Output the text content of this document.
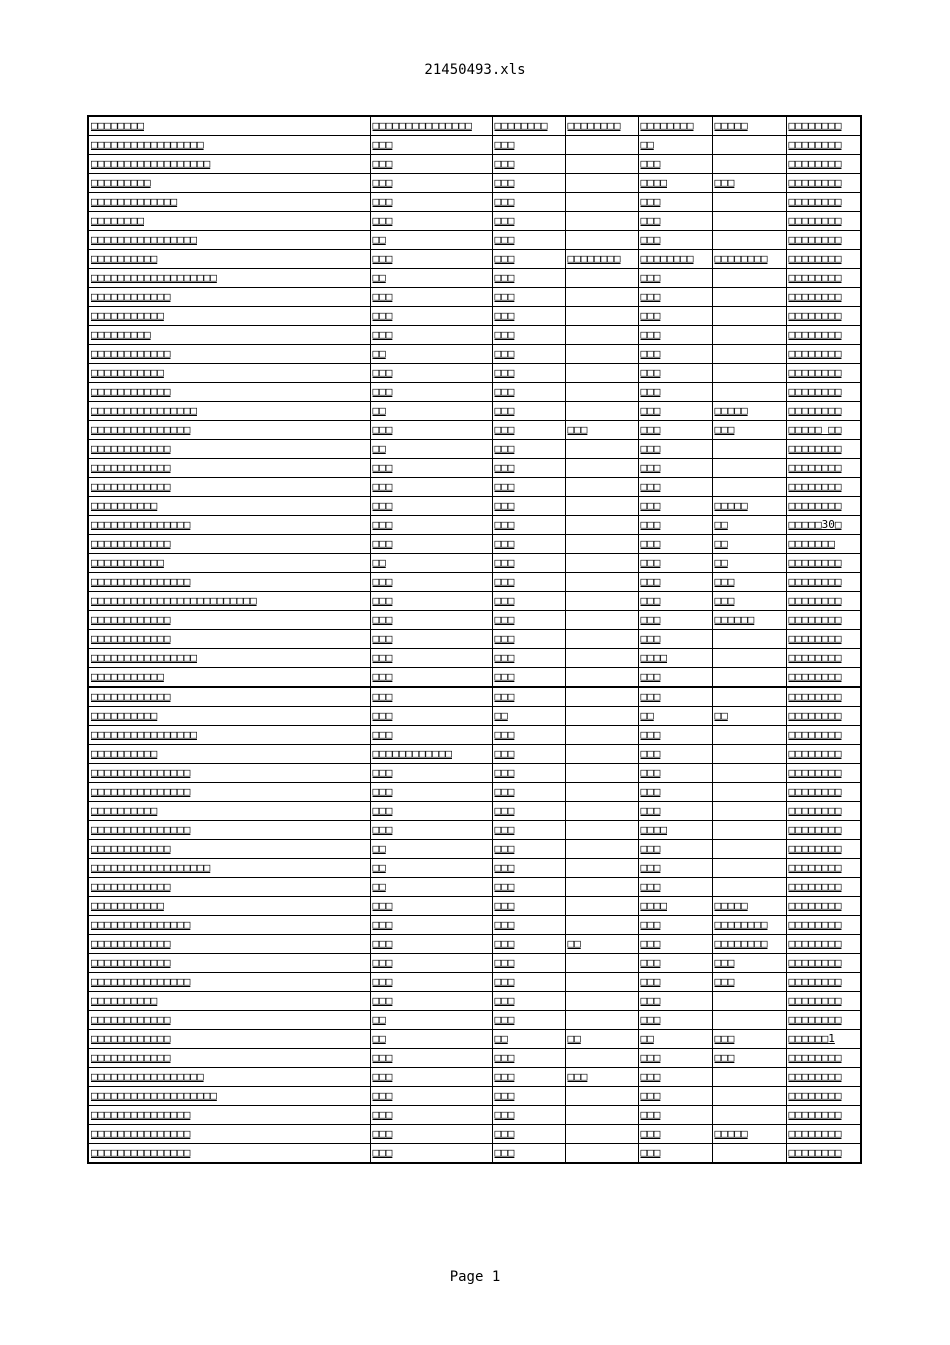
21450493.xls
□□□□□□□□	□□□□□□□□□□□□□□□	□□□□□□□□	□□□□□□□□	□□□□□□□□	□□□□□	□□□□□□□□
□□□□□□□□□□□□□□□□□	□□□	□□□		□□		□□□□□□□□
□□□□□□□□□□□□□□□□□□	□□□	□□□		□□□		□□□□□□□□
□□□□□□□□□	□□□	□□□		□□□□	□□□	□□□□□□□□
□□□□□□□□□□□□□	□□□	□□□		□□□		□□□□□□□□
□□□□□□□□	□□□	□□□		□□□		□□□□□□□□
□□□□□□□□□□□□□□□□	□□	□□□		□□□		□□□□□□□□
□□□□□□□□□□	□□□	□□□	□□□□□□□□	□□□□□□□□	□□□□□□□□	□□□□□□□□
□□□□□□□□□□□□□□□□□□□	□□	□□□		□□□		□□□□□□□□
□□□□□□□□□□□□	□□□	□□□		□□□		□□□□□□□□
□□□□□□□□□□□	□□□	□□□		□□□		□□□□□□□□
□□□□□□□□□	□□□	□□□		□□□		□□□□□□□□
□□□□□□□□□□□□	□□	□□□		□□□		□□□□□□□□
□□□□□□□□□□□	□□□	□□□		□□□		□□□□□□□□
□□□□□□□□□□□□	□□□	□□□		□□□		□□□□□□□□
□□□□□□□□□□□□□□□□	□□	□□□		□□□	□□□□□	□□□□□□□□
□□□□□□□□□□□□□□□	□□□	□□□	□□□	□□□	□□□	□□□□□ □□
□□□□□□□□□□□□	□□	□□□		□□□		□□□□□□□□
□□□□□□□□□□□□	□□□	□□□		□□□		□□□□□□□□
□□□□□□□□□□□□	□□□	□□□		□□□		□□□□□□□□
□□□□□□□□□□	□□□	□□□		□□□	□□□□□	□□□□□□□□
□□□□□□□□□□□□□□□	□□□	□□□		□□□	□□	□□□□□30□
□□□□□□□□□□□□	□□□	□□□		□□□	□□	□□□□□□□
□□□□□□□□□□□	□□	□□□		□□□	□□	□□□□□□□□
□□□□□□□□□□□□□□□	□□□	□□□		□□□	□□□	□□□□□□□□
□□□□□□□□□□□□□□□□□□□□□□□□□	□□□	□□□		□□□	□□□	□□□□□□□□
□□□□□□□□□□□□	□□□	□□□		□□□	□□□□□□	□□□□□□□□
□□□□□□□□□□□□	□□□	□□□		□□□		□□□□□□□□
□□□□□□□□□□□□□□□□	□□□	□□□		□□□□		□□□□□□□□
□□□□□□□□□□□	□□□	□□□		□□□		□□□□□□□□
□□□□□□□□□□□□	□□□	□□□		□□□		□□□□□□□□
□□□□□□□□□□	□□□	□□		□□	□□	□□□□□□□□
□□□□□□□□□□□□□□□□	□□□	□□□		□□□		□□□□□□□□
□□□□□□□□□□	□□□□□□□□□□□□	□□□		□□□		□□□□□□□□
□□□□□□□□□□□□□□□	□□□	□□□		□□□		□□□□□□□□
□□□□□□□□□□□□□□□	□□□	□□□		□□□		□□□□□□□□
□□□□□□□□□□	□□□	□□□		□□□		□□□□□□□□
□□□□□□□□□□□□□□□	□□□	□□□		□□□□		□□□□□□□□
□□□□□□□□□□□□	□□	□□□		□□□		□□□□□□□□
□□□□□□□□□□□□□□□□□□	□□	□□□		□□□		□□□□□□□□
□□□□□□□□□□□□	□□	□□□		□□□		□□□□□□□□
□□□□□□□□□□□	□□□	□□□		□□□□	□□□□□	□□□□□□□□
□□□□□□□□□□□□□□□	□□□	□□□		□□□	□□□□□□□□	□□□□□□□□
□□□□□□□□□□□□	□□□	□□□	□□	□□□	□□□□□□□□	□□□□□□□□
□□□□□□□□□□□□	□□□	□□□		□□□	□□□	□□□□□□□□
□□□□□□□□□□□□□□□	□□□	□□□		□□□	□□□	□□□□□□□□
□□□□□□□□□□	□□□	□□□		□□□		□□□□□□□□
□□□□□□□□□□□□	□□	□□□		□□□		□□□□□□□□
□□□□□□□□□□□□	□□	□□	□□	□□	□□□	□□□□□□1
□□□□□□□□□□□□	□□□	□□□		□□□	□□□	□□□□□□□□
□□□□□□□□□□□□□□□□□	□□□	□□□	□□□	□□□		□□□□□□□□
□□□□□□□□□□□□□□□□□□□	□□□	□□□		□□□		□□□□□□□□
□□□□□□□□□□□□□□□	□□□	□□□		□□□		□□□□□□□□
□□□□□□□□□□□□□□□	□□□	□□□		□□□	□□□□□	□□□□□□□□
□□□□□□□□□□□□□□□	□□□	□□□		□□□		□□□□□□□□
Page 1
